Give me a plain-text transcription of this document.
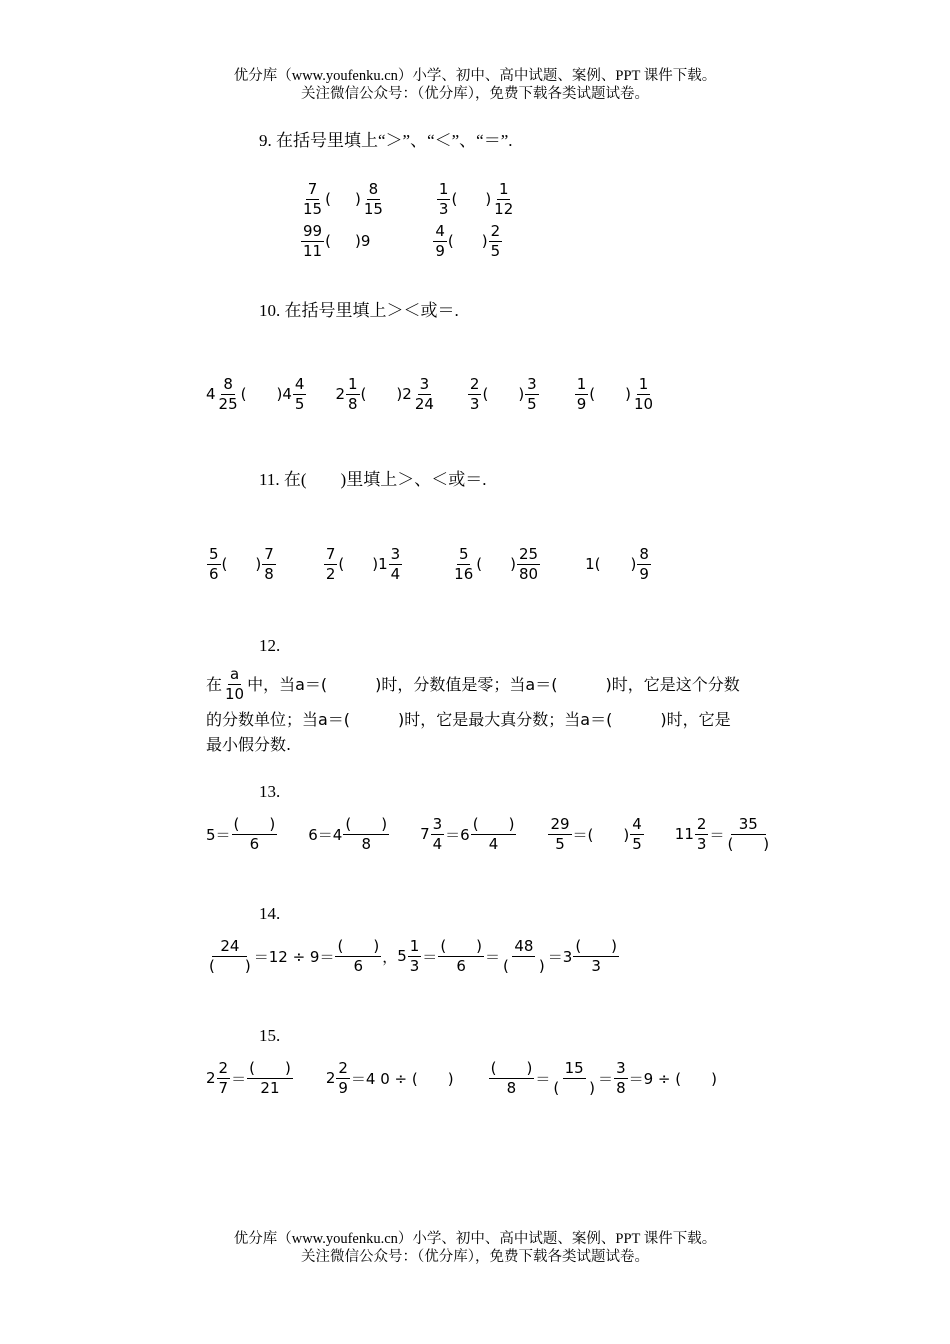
优分库（www.youfenku.cn）小学、初中、高中试题、案例、PPT 课件下载。
关注微信公众号：（优分库），免费下载各类试题试卷。
9. 在括号里填上“＞”、“＜”、“＝”.
$\frac{7}{15}$ ( ) $\frac{8}{15}$	$\frac{1}{3}$ ( ) $\frac{1}{12}$
$\frac{99}{11}$ ( ) 9	$\frac{4}{9}$ ( ) $\frac{2}{5}$
10. 在括号里填上＞＜或＝.
$4 \frac{8}{25}$ ( ) $4 \frac{4}{5} 2 \frac{1}{8}$ ( ) $2 \frac{3}{24} \frac{2}{3}$ ( ) $\frac{3}{5} \frac{1}{9}$ ( ) $\frac{1}{10}$
11. 在(　　)里填上＞、＜或＝.
$\frac{5}{6}$ ( ) $\frac{7}{8}$	$\frac{7}{2}$ ( ) $1 \frac{3}{4}$	$\frac{5}{16}$ ( ) $\frac{25}{80}$	1 ( ) $\frac{8}{9}$
12.
在 $\frac{a}{10}$ 中，当a＝(　　　)时，分数值是零；当a＝(　　　)时，它是这个分数
的分数单位；当a＝(　　　)时，它是最大真分数；当a＝(　　　)时，它是
最小假分数.
13.
$5= \frac{( )}{6} 6=4 \frac{( )}{8} 7 \frac{3}{4} =6 \frac{( )}{4} \frac{29}{5}$ ＝(　　) $\frac{4}{5} 11 \frac{2}{3} = \frac{35}{( )}$
14.
$\frac{24}{( )} =12 \div 9= \frac{( )}{6}$ ， $5 \frac{1}{3} = \frac{( )}{6} = \frac{48}{( )} =3 \frac{( )}{3}$
15.
$2 \frac{2}{7} = \frac{( )}{21} 2 \frac{2}{9} =4$ 0 ÷ (　　) $\frac{( )}{8} = \frac{15}{( )} = \frac{3}{8} =9$ ÷ (　　)
优分库（www.youfenku.cn）小学、初中、高中试题、案例、PPT 课件下载。
关注微信公众号：（优分库），免费下载各类试题试卷。
